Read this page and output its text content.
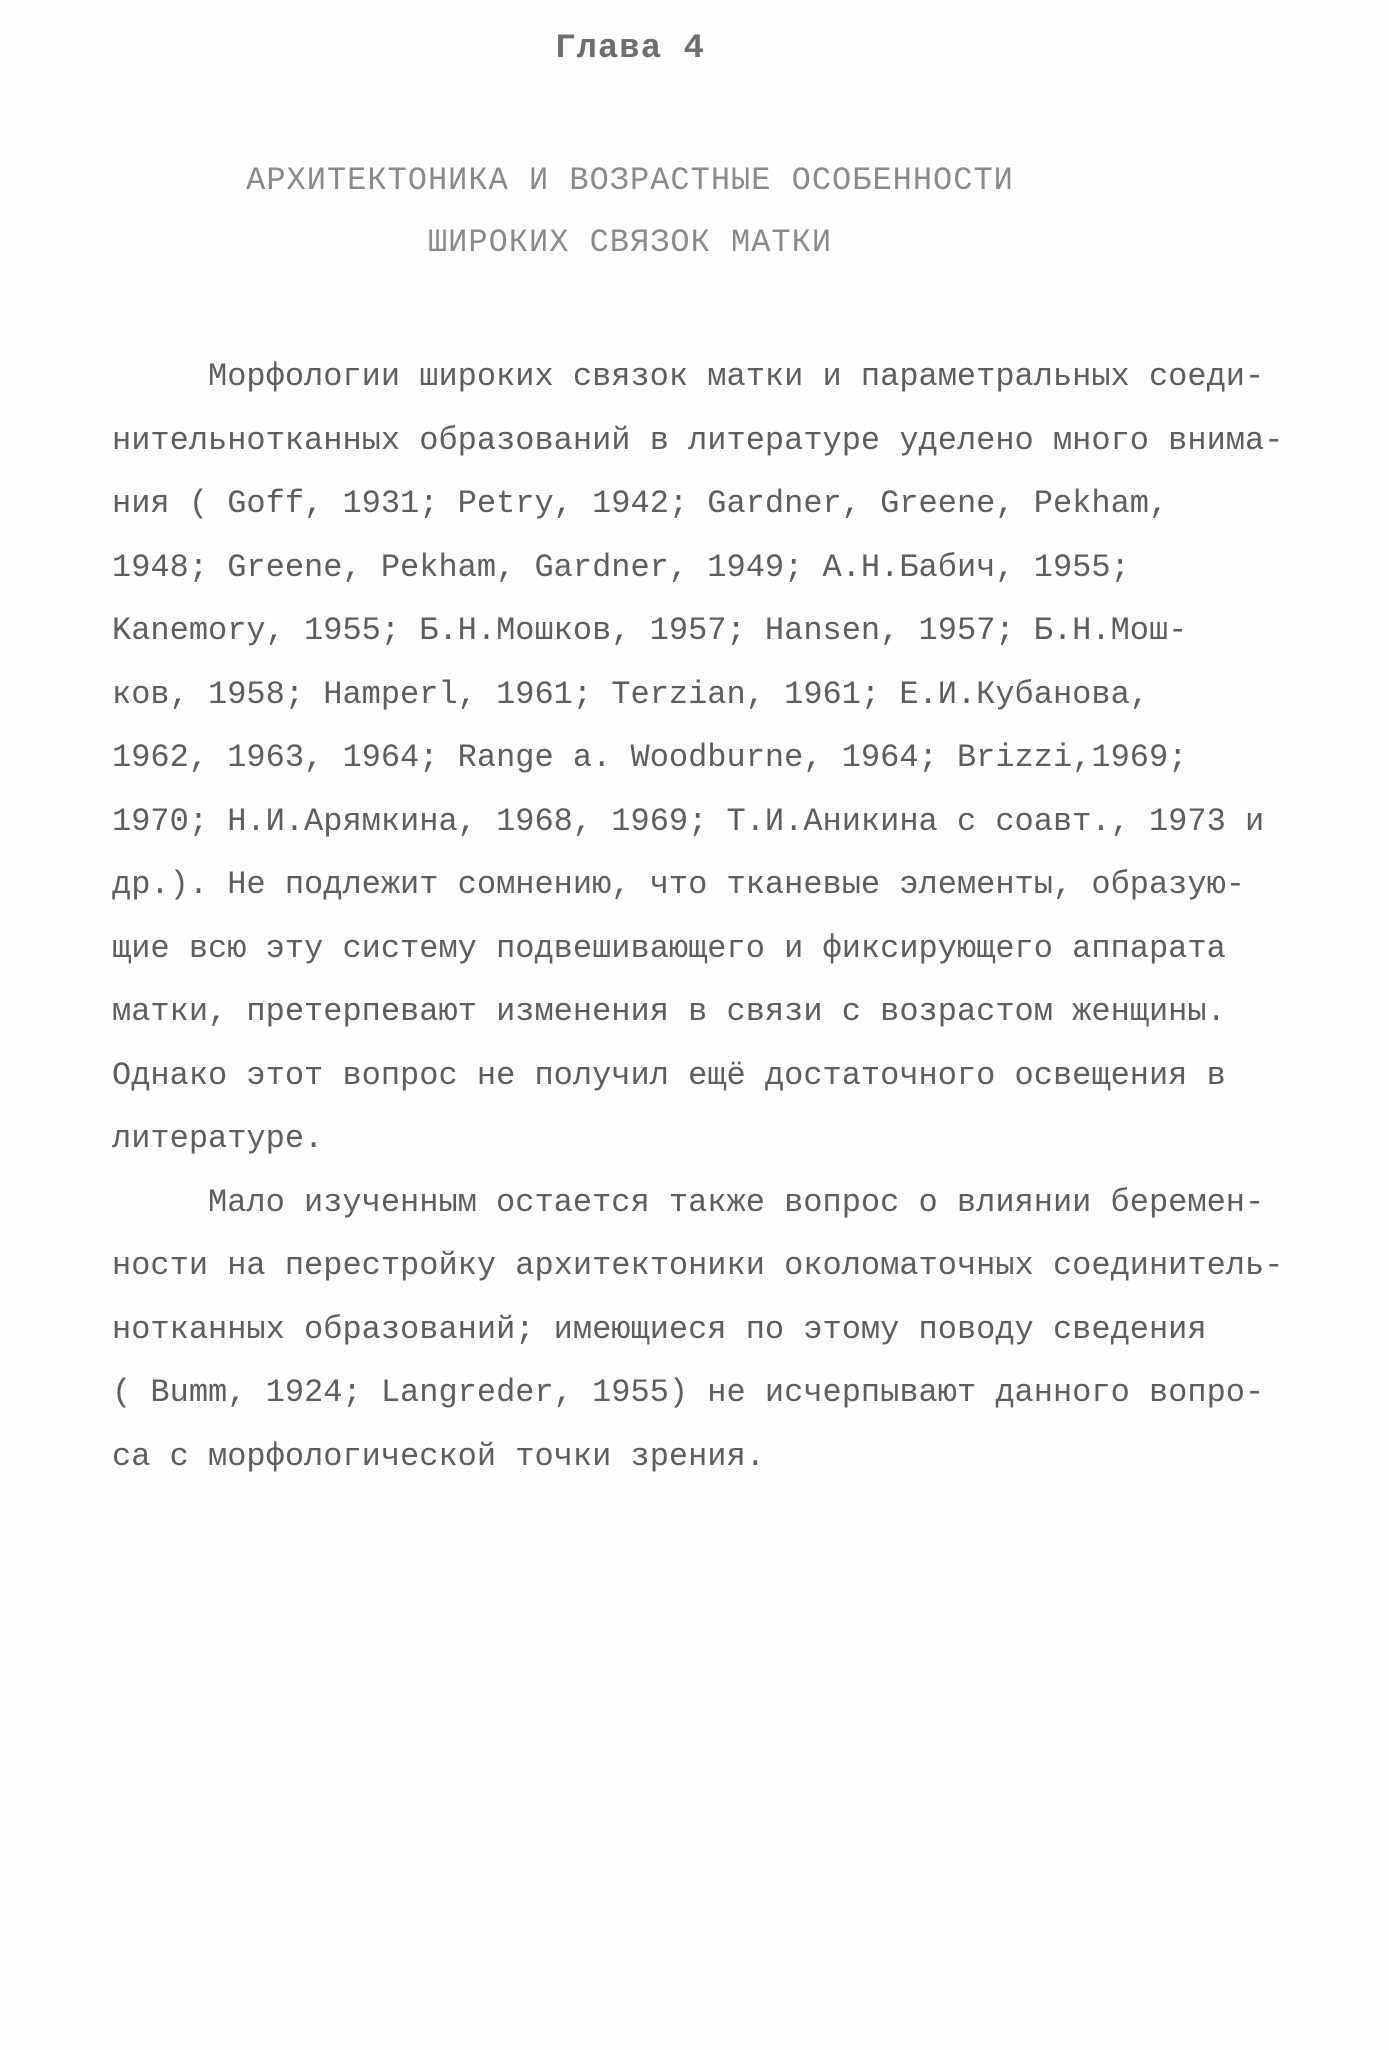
Глава 4
АРХИТЕКТОНИКА И ВОЗРАСТНЫЕ ОСОБЕННОСТИ
ШИРОКИХ СВЯЗОК МАТКИ

Морфологии широких связок матки и параметральных соеди-
нительнотканных образований в литературе уделено много внима-
ния ( Goff, 1931; Petry, 1942; Gardner, Greene, Pekham,
1948; Greene, Pekham, Gardner, 1949; А.Н.Бабич, 1955;
Kanemory, 1955; Б.Н.Мошков, 1957; Hansen, 1957; Б.Н.Мош-
ков, 1958; Hamperl, 1961; Terzian, 1961; Е.И.Кубанова,
1962, 1963, 1964; Range a. Woodburne, 1964; Brizzi,1969;
1970; Н.И.Арямкина, 1968, 1969; Т.И.Аникина с соавт., 1973 и
др.). Не подлежит сомнению, что тканевые элементы, образую-
щие всю эту систему подвешивающего и фиксирующего аппарата
матки, претерпевают изменения в связи с возрастом женщины.
Однако этот вопрос не получил ещё достаточного освещения в
литературе.

Мало изученным остается также вопрос о влиянии беремен-
ности на перестройку архитектоники околоматочных соединитель-
нотканных образований; имеющиеся по этому поводу сведения
( Bumm, 1924; Langreder, 1955) не исчерпывают данного вопро-
са с морфологической точки зрения.
